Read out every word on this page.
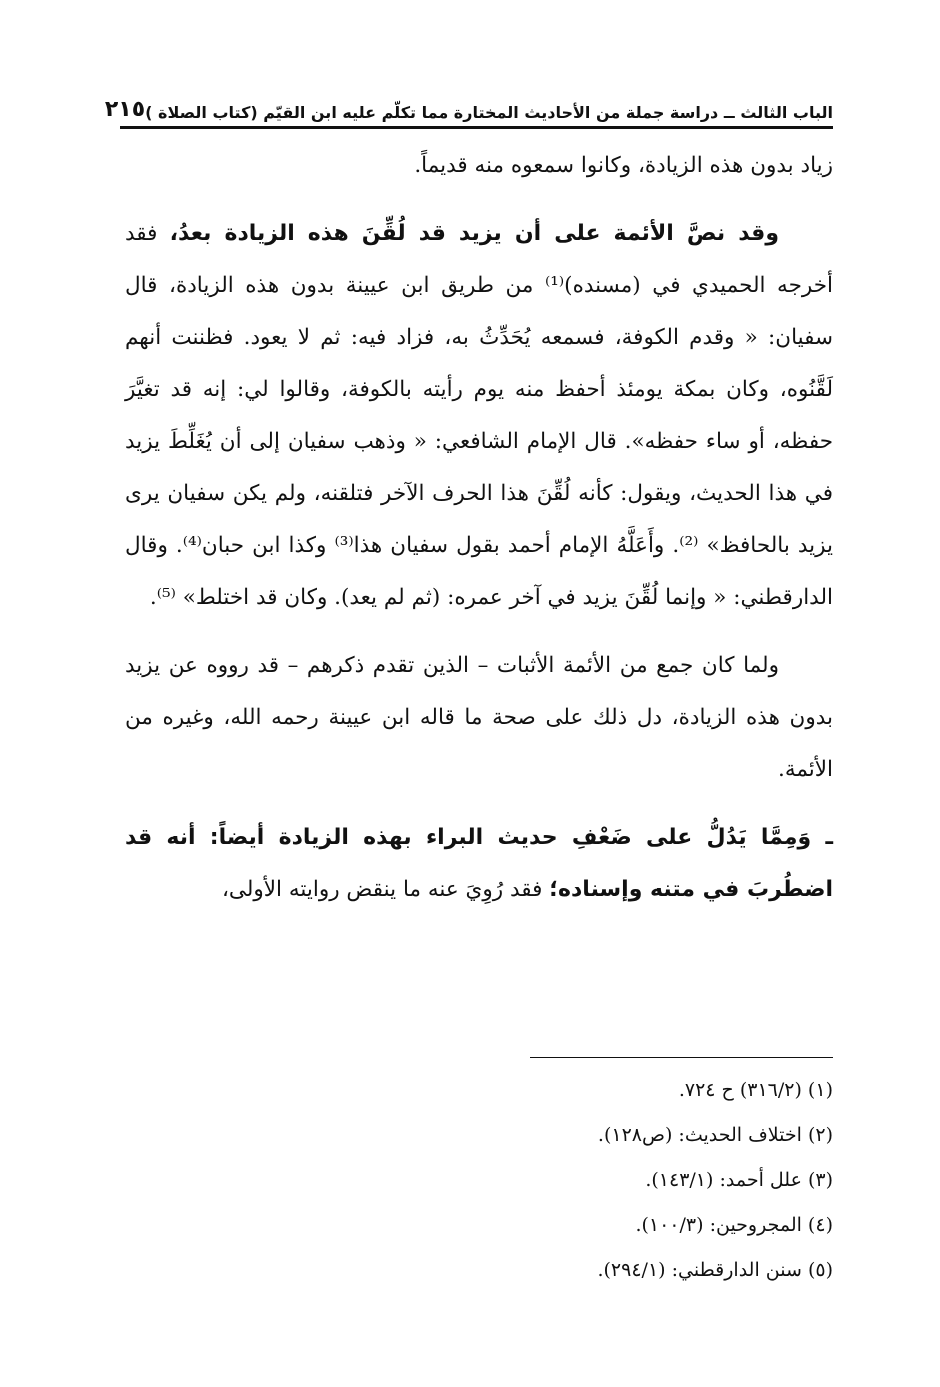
الباب الثالث ــ دراسة جملة من الأحاديث المختارة مما تكلّم عليه ابن القيّم (كتاب الصلاة )
٢١٥

زياد بدون هذه الزيادة، وكانوا سمعوه منه قديماً.

وقد نصَّ الأئمة على أن يزيد قد لُقِّنَ هذه الزيادة بعدُ، فقد أخرجه الحميدي في (مسنده)⁽¹⁾ من طريق ابن عيينة بدون هذه الزيادة، قال سفيان: « وقدم الكوفة، فسمعه يُحَدِّثُ به، فزاد فيه: ثم لا يعود. فظننت أنهم لَقَّنُوه، وكان بمكة يومئذ أحفظ منه يوم رأيته بالكوفة، وقالوا لي: إنه قد تغيَّرَ حفظه، أو ساء حفظه». قال الإمام الشافعي: « وذهب سفيان إلى أن يُغَلِّطَ يزيد في هذا الحديث، ويقول: كأنه لُقِّنَ هذا الحرف الآخر فتلقنه، ولم يكن سفيان يرى يزيد بالحافظ» ⁽²⁾. وأَعَلَّهُ الإمام أحمد بقول سفيان هذا⁽³⁾ وكذا ابن حبان⁽⁴⁾. وقال الدارقطني: « وإنما لُقِّنَ يزيد في آخر عمره: (ثم لم يعد). وكان قد اختلط» ⁽⁵⁾.

ولما كان جمع من الأئمة الأثبات – الذين تقدم ذكرهم – قد رووه عن يزيد بدون هذه الزيادة، دل ذلك على صحة ما قاله ابن عيينة رحمه الله، وغيره من الأئمة.

ـ وَمِمَّا يَدُلُّ على ضَعْفِ حديث البراء بهذه الزيادة أيضاً: أنه قد اضطُربَ في متنه وإسناده؛ فقد رُوِيَ عنه ما ينقض روايته الأولى،

(١) (٣١٦/٢) ح ٧٢٤.
(٢) اختلاف الحديث: (ص١٢٨).
(٣) علل أحمد: (١٤٣/١).
(٤) المجروحين: (١٠٠/٣).
(٥) سنن الدارقطني: (٢٩٤/١).
